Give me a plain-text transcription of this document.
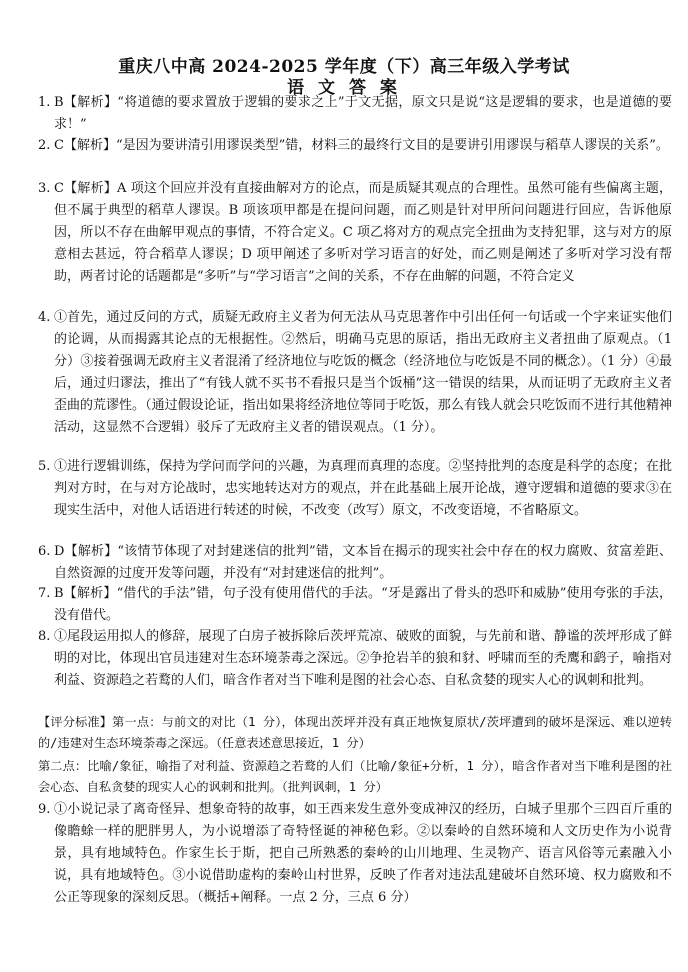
重庆八中高 2024-2025 学年度（下）高三年级入学考试
语 文 答 案
1. B【解析】“将道德的要求置放于逻辑的要求之上”于文无据，原文只是说“这是逻辑的要求，也是道德的要求！”
2. C【解析】“是因为要讲清引用谬误类型”错，材料三的最终行文目的是要讲引用谬误与稻草人谬误的关系”。
3. C【解析】A 项这个回应并没有直接曲解对方的论点，而是质疑其观点的合理性。虽然可能有些偏离主题，但不属于典型的稻草人谬误。B 项该项甲都是在提问问题，而乙则是针对甲所问问题进行回应，告诉他原因，所以不存在曲解甲观点的事情，不符合定义。C 项乙将对方的观点完全扭曲为支持犯罪，这与对方的原意相去甚远，符合稻草人谬误；D 项甲阐述了多听对学习语言的好处，而乙则是阐述了多听对学习没有帮助，两者讨论的话题都是“多听”与“学习语言”之间的关系，不存在曲解的问题，不符合定义
4. ①首先，通过反问的方式，质疑无政府主义者为何无法从马克思著作中引出任何一句话或一个字来证实他们的论调，从而揭露其论点的无根据性。②然后，明确马克思的原话，指出无政府主义者扭曲了原观点。（1 分）③接着强调无政府主义者混淆了经济地位与吃饭的概念（经济地位与吃饭是不同的概念）。（1 分）④最后，通过归谬法，推出了“有钱人就不买书不看报只是当个饭桶”这一错误的结果，从而证明了无政府主义者歪曲的荒谬性。（通过假设论证，指出如果将经济地位等同于吃饭，那么有钱人就会只吃饭而不进行其他精神活动，这显然不合逻辑）驳斥了无政府主义者的错误观点。（1 分）。
5. ①进行逻辑训练，保持为学问而学问的兴趣，为真理而真理的态度。②坚持批判的态度是科学的态度；在批判对方时，在与对方论战时，忠实地转达对方的观点，并在此基础上展开论战，遵守逻辑和道德的要求③在现实生活中，对他人话语进行转述的时候，不改变（改写）原文，不改变语境，不省略原文。
6. D【解析】“该情节体现了对封建迷信的批判”错，文本旨在揭示的现实社会中存在的权力腐败、贫富差距、自然资源的过度开发等问题，并没有“对封建迷信的批判”。
7. B【解析】“借代的手法”错，句子没有使用借代的手法。“牙是露出了骨头的恐吓和威胁”使用夸张的手法，没有借代。
8. ①尾段运用拟人的修辞，展现了白房子被拆除后茨坪荒凉、破败的面貌，与先前和谐、静谧的茨坪形成了鲜明的对比，体现出官员违建对生态环境荼毒之深远。②争抢岩羊的狼和豺、呼啸而至的秃鹰和鹞子，喻指对利益、资源趋之若鹜的人们，暗含作者对当下唯利是图的社会心态、自私贪婪的现实人心的讽刺和批判。
【评分标准】第一点：与前文的对比（1 分），体现出茨坪并没有真正地恢复原状/茨坪遭到的破坏是深远、难以逆转的/违建对生态环境荼毒之深远。（任意表述意思接近，1 分）
第二点：比喻/象征，喻指了对利益、资源趋之若鹜的人们（比喻/象征+分析，1 分），暗含作者对当下唯利是图的社会心态、自私贪婪的现实人心的讽刺和批判。（批判讽刺，1 分）
9. ①小说记录了离奇怪异、想象奇特的故事，如王西来发生意外变成神汉的经历，白城子里那个三四百斤重的像瞻蜍一样的肥胖男人，为小说增添了奇特怪诞的神秘色彩。②以秦岭的自然环境和人文历史作为小说背景，具有地域特色。作家生长于斯，把自己所熟悉的秦岭的山川地理、生灵物产、语言风俗等元素融入小说，具有地域特色。③小说借助虚构的秦岭山村世界，反映了作者对违法乱建破坏自然环境、权力腐败和不公正等现象的深刻反思。（概括+阐释。一点 2 分，三点 6 分）
